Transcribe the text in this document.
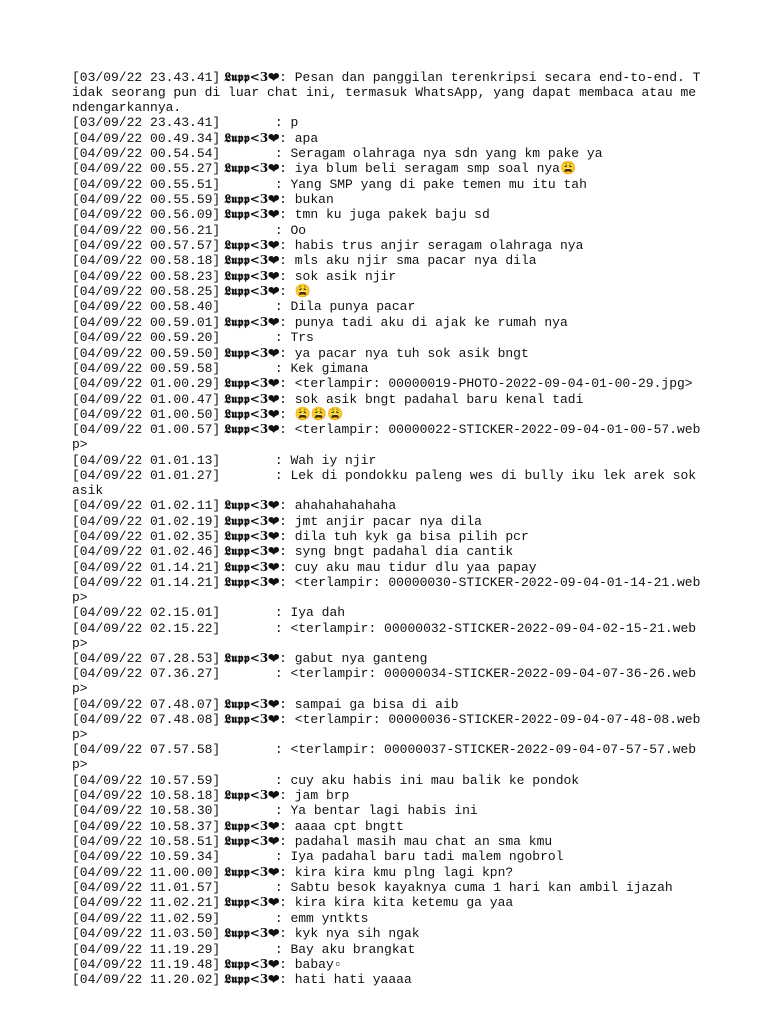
[03/09/22 23.43.41] 𝕷𝖚𝖕𝖕<3❤: Pesan dan panggilan terenkripsi secara end-to-end. Tidak seorang pun di luar chat ini, termasuk WhatsApp, yang dapat membaca atau mendengarkannya.
[03/09/22 23.43.41]       : p
[04/09/22 00.49.34] 𝕷𝖚𝖕𝖕<3❤: apa
[04/09/22 00.54.54]       : Seragam olahraga nya sdn yang km pake ya
[04/09/22 00.55.27] 𝕷𝖚𝖕𝖕<3❤: iya blum beli seragam smp soal nya😩
[04/09/22 00.55.51]       : Yang SMP yang di pake temen mu itu tah
[04/09/22 00.55.59] 𝕷𝖚𝖕𝖕<3❤: bukan
[04/09/22 00.56.09] 𝕷𝖚𝖕𝖕<3❤: tmn ku juga pakek baju sd
[04/09/22 00.56.21]       : Oo
[04/09/22 00.57.57] 𝕷𝖚𝖕𝖕<3❤: habis trus anjir seragam olahraga nya
[04/09/22 00.58.18] 𝕷𝖚𝖕𝖕<3❤: mls aku njir sma pacar nya dila
[04/09/22 00.58.23] 𝕷𝖚𝖕𝖕<3❤: sok asik njir
[04/09/22 00.58.25] 𝕷𝖚𝖕𝖕<3❤: 😩
[04/09/22 00.58.40]       : Dila punya pacar
[04/09/22 00.59.01] 𝕷𝖚𝖕𝖕<3❤: punya tadi aku di ajak ke rumah nya
[04/09/22 00.59.20]       : Trs
[04/09/22 00.59.50] 𝕷𝖚𝖕𝖕<3❤: ya pacar nya tuh sok asik bngt
[04/09/22 00.59.58]       : Kek gimana
[04/09/22 01.00.29] 𝕷𝖚𝖕𝖕<3❤: <terlampir: 00000019-PHOTO-2022-09-04-01-00-29.jpg>
[04/09/22 01.00.47] 𝕷𝖚𝖕𝖕<3❤: sok asik bngt padahal baru kenal tadi
[04/09/22 01.00.50] 𝕷𝖚𝖕𝖕<3❤: 😩😩😩
[04/09/22 01.00.57] 𝕷𝖚𝖕𝖕<3❤: <terlampir: 00000022-STICKER-2022-09-04-01-00-57.webp>
[04/09/22 01.01.13]       : Wah iy njir
[04/09/22 01.01.27]       : Lek di pondokku paleng wes di bully iku lek arek sok asik
[04/09/22 01.02.11] 𝕷𝖚𝖕𝖕<3❤: ahahahahahaha
[04/09/22 01.02.19] 𝕷𝖚𝖕𝖕<3❤: jmt anjir pacar nya dila
[04/09/22 01.02.35] 𝕷𝖚𝖕𝖕<3❤: dila tuh kyk ga bisa pilih pcr
[04/09/22 01.02.46] 𝕷𝖚𝖕𝖕<3❤: syng bngt padahal dia cantik
[04/09/22 01.14.21] 𝕷𝖚𝖕𝖕<3❤: cuy aku mau tidur dlu yaa papay
[04/09/22 01.14.21] 𝕷𝖚𝖕𝖕<3❤: <terlampir: 00000030-STICKER-2022-09-04-01-14-21.webp>
[04/09/22 02.15.01]       : Iya dah
[04/09/22 02.15.22]       : <terlampir: 00000032-STICKER-2022-09-04-02-15-21.webp>
[04/09/22 07.28.53] 𝕷𝖚𝖕𝖕<3❤: gabut nya ganteng
[04/09/22 07.36.27]       : <terlampir: 00000034-STICKER-2022-09-04-07-36-26.webp>
[04/09/22 07.48.07] 𝕷𝖚𝖕𝖕<3❤: sampai ga bisa di aib
[04/09/22 07.48.08] 𝕷𝖚𝖕𝖕<3❤: <terlampir: 00000036-STICKER-2022-09-04-07-48-08.webp>
[04/09/22 07.57.58]       : <terlampir: 00000037-STICKER-2022-09-04-07-57-57.webp>
[04/09/22 10.57.59]       : cuy aku habis ini mau balik ke pondok
[04/09/22 10.58.18] 𝕷𝖚𝖕𝖕<3❤: jam brp
[04/09/22 10.58.30]       : Ya bentar lagi habis ini
[04/09/22 10.58.37] 𝕷𝖚𝖕𝖕<3❤: aaaa cpt bngtt
[04/09/22 10.58.51] 𝕷𝖚𝖕𝖕<3❤: padahal masih mau chat an sma kmu
[04/09/22 10.59.34]       : Iya padahal baru tadi malem ngobrol
[04/09/22 11.00.00] 𝕷𝖚𝖕𝖕<3❤: kira kira kmu plng lagi kpn?
[04/09/22 11.01.57]       : Sabtu besok kayaknya cuma 1 hari kan ambil ijazah
[04/09/22 11.02.21] 𝕷𝖚𝖕𝖕<3❤: kira kira kita ketemu ga yaa
[04/09/22 11.02.59]       : emm yntkts
[04/09/22 11.03.50] 𝕷𝖚𝖕𝖕<3❤: kyk nya sih ngak
[04/09/22 11.19.29]       : Bay aku brangkat
[04/09/22 11.19.48] 𝕷𝖚𝖕𝖕<3❤: babay▫
[04/09/22 11.20.02] 𝕷𝖚𝖕𝖕<3❤: hati hati yaaaa
